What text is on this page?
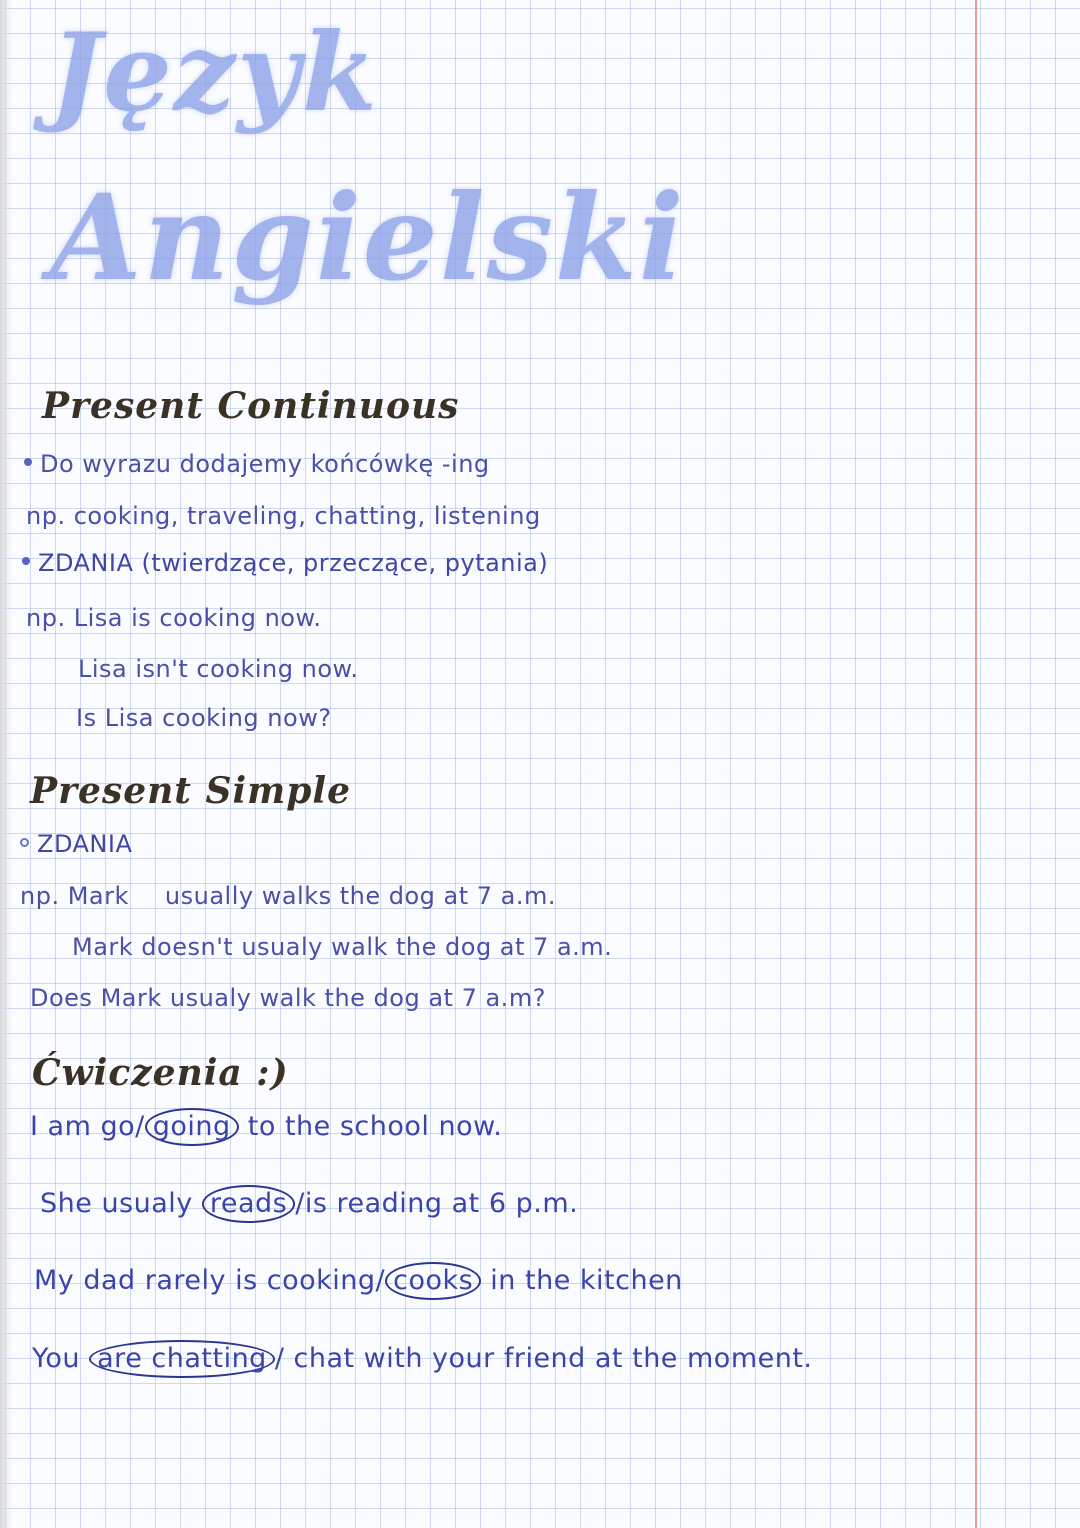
Język
Angielski
Present Continuous

Do wyrazu dodajemy końcówkę -ing

np. cooking, traveling, chatting, listening

ZDANIA (twierdzące, przeczące, pytania)

np. Lisa is cooking now.

Lisa isn't cooking now.

Is Lisa cooking now?

Present Simple

ZDANIA

np. Mark usually walks the dog at 7 a.m.

Mark doesn't usualy walk the dog at 7 a.m.

Does Mark usualy walk the dog at 7 a.m?

Ćwiczenia :)

I am go/ going to the school now.

She usualy reads /is reading at 6 p.m.

My dad rarely is cooking/ cooks in the kitchen

You are chatting / chat with your friend at the moment.
